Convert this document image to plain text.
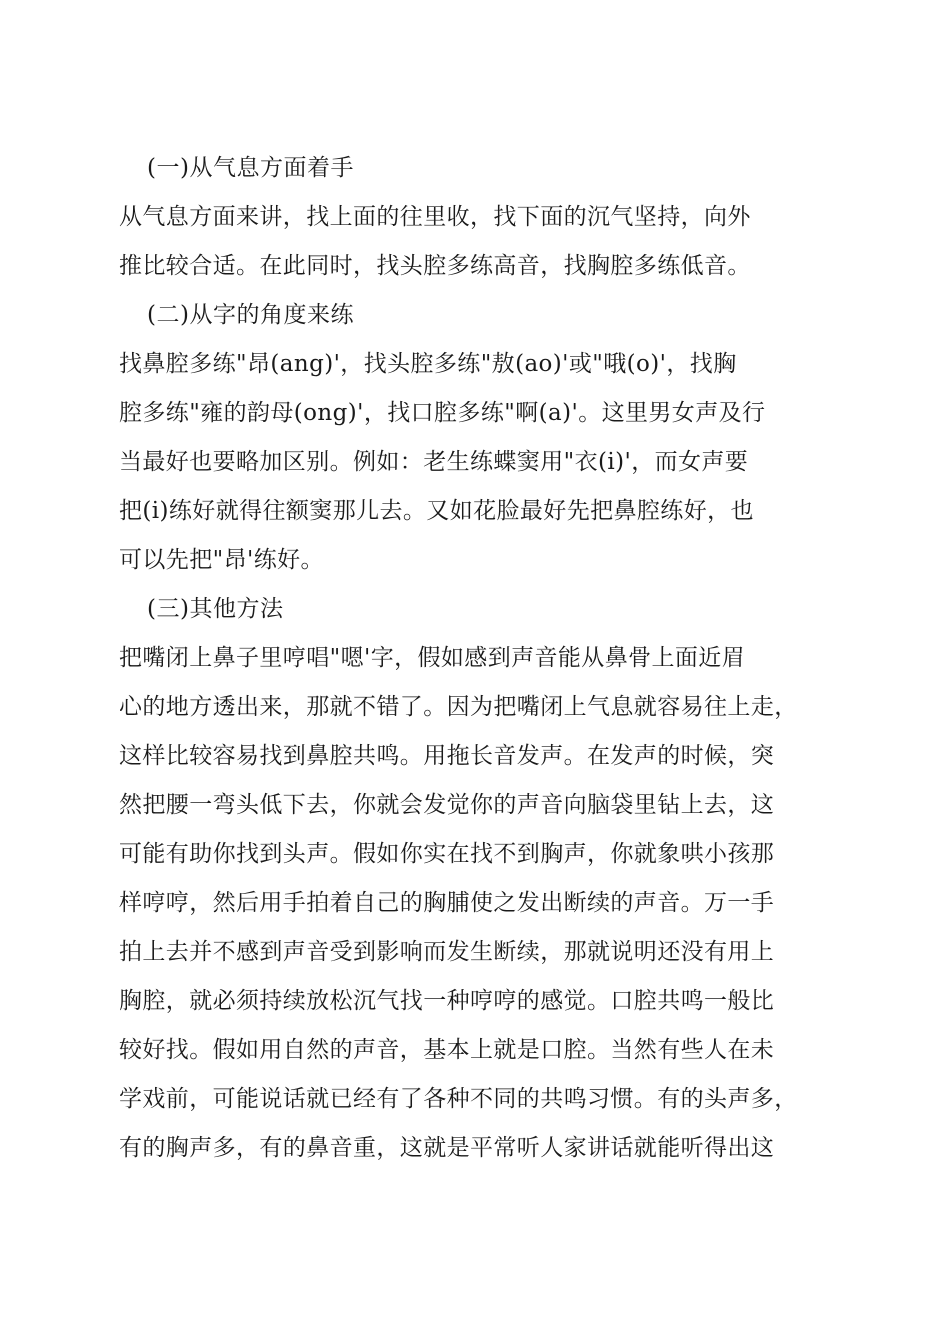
(一)从气息方面着手
从气息方面来讲，找上面的往里收，找下面的沉气坚持，向外
推比较合适。在此同时，找头腔多练高音，找胸腔多练低音。
(二)从字的角度来练
找鼻腔多练"昂(ang)'，找头腔多练"敖(ao)'或"哦(o)'，找胸
腔多练"雍的韵母(ong)'，找口腔多练"啊(a)'。这里男女声及行
当最好也要略加区别。例如：老生练蝶窦用"衣(i)'，而女声要
把(i)练好就得往额窦那儿去。又如花脸最好先把鼻腔练好，也
可以先把"昂'练好。
(三)其他方法
把嘴闭上鼻子里哼唱"嗯'字，假如感到声音能从鼻骨上面近眉
心的地方透出来，那就不错了。因为把嘴闭上气息就容易往上走，
这样比较容易找到鼻腔共鸣。用拖长音发声。在发声的时候，突
然把腰一弯头低下去，你就会发觉你的声音向脑袋里钻上去，这
可能有助你找到头声。假如你实在找不到胸声，你就象哄小孩那
样哼哼，然后用手拍着自己的胸脯使之发出断续的声音。万一手
拍上去并不感到声音受到影响而发生断续，那就说明还没有用上
胸腔，就必须持续放松沉气找一种哼哼的感觉。口腔共鸣一般比
较好找。假如用自然的声音，基本上就是口腔。当然有些人在未
学戏前，可能说话就已经有了各种不同的共鸣习惯。有的头声多，
有的胸声多，有的鼻音重，这就是平常听人家讲话就能听得出这
